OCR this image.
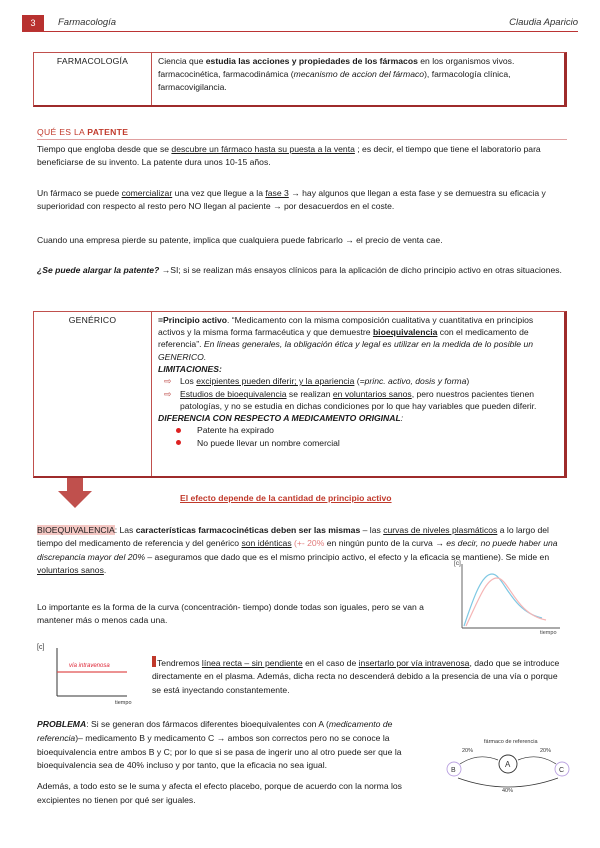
3	Farmacología	Claudia Aparicio
FARMACOLOGÍA	Ciencia que estudia las acciones y propiedades de los fármacos en los organismos vivos. farmacocinética, farmacodinámica (mecanismo de accion del fármaco), farmacología clínica, farmacovigilancia.
QUÉ ES LA PATENTE
Tiempo que engloba desde que se descubre un fármaco hasta su puesta a la venta ; es decir, el tiempo que tiene el laboratorio para beneficiarse de su invento. La patente dura unos 10-15 años.
Un fármaco se puede comercializar una vez que llegue a la fase 3 → hay algunos que llegan a esta fase y se demuestra su eficacia y superioridad con respecto al resto pero NO llegan al paciente → por desacuerdos en el coste.
Cuando una empresa pierde su patente, implica que cualquiera puede fabricarlo → el precio de venta cae.
¿Se puede alargar la patente? →SI; si se realizan más ensayos clínicos para la aplicación de dicho principio activo en otras situaciones.
GENÉRICO	=Principio activo. “Medicamento con la misma composición cualitativa y cuantitativa en principios activos y la misma forma farmacéutica y que demuestre bioequivalencia con el medicamento de referencia”. En líneas generales, la obligación ética y legal es utilizar en la medida de lo posible un GENERICO.
LIMITACIONES:
⇨ Los excipientes pueden diferir; y la apariencia (=princ. activo, dosis y forma)
⇨ Estudios de bioequivalencia se realizan en voluntarios sanos, pero nuestros pacientes tienen patologías, y no se estudia en dichas condiciones por lo que hay variables que pueden diferir.
DIFERENCIA CON RESPECTO A MEDICAMENTO ORIGINAL:
Patente ha expirado
No puede llevar un nombre comercial
El efecto depende de la cantidad de principio activo
BIOEQUIVALENCIA: Las características farmacocinéticas deben ser las mismas – las curvas de niveles plasmáticos a lo largo del tiempo del medicamento de referencia y del genérico son idénticas (+- 20% en ningún punto de la curva → es decir, no puede haber una discrepancia mayor del 20% – aseguramos que dado que es el mismo principio activo, el efecto y la eficacia se mantiene). Se mide en voluntarios sanos.
Lo importante es la forma de la curva (concentración- tiempo) donde todas son iguales, pero se van a mantener más o menos cada una.
[c]
tiempo
[c]
vía intravenosa
tiempo
Tendremos línea recta – sin pendiente en el caso de insertarlo por vía intravenosa, dado que se introduce directamente en el plasma. Además, dicha recta no descenderá debido a la presencia de una vía o porque se está inyectando constantemente.
PROBLEMA: Si se generan dos fármacos diferentes bioequivalentes con A (medicamento de referencia)– medicamento B y medicamento C → ambos son correctos pero no se conoce la bioequivalencia entre ambos B y C; por lo que si se pasa de ingerir uno al otro puede ser que la bioequivalencia sea de 40% incluso y por tanto, que la eficacia no sea igual.
Además, a todo esto se le suma y afecta el efecto placebo, porque de acuerdo con la norma los excipientes no tienen por qué ser iguales.
fármaco de referencia
A
B	C
20%	20%
40%
